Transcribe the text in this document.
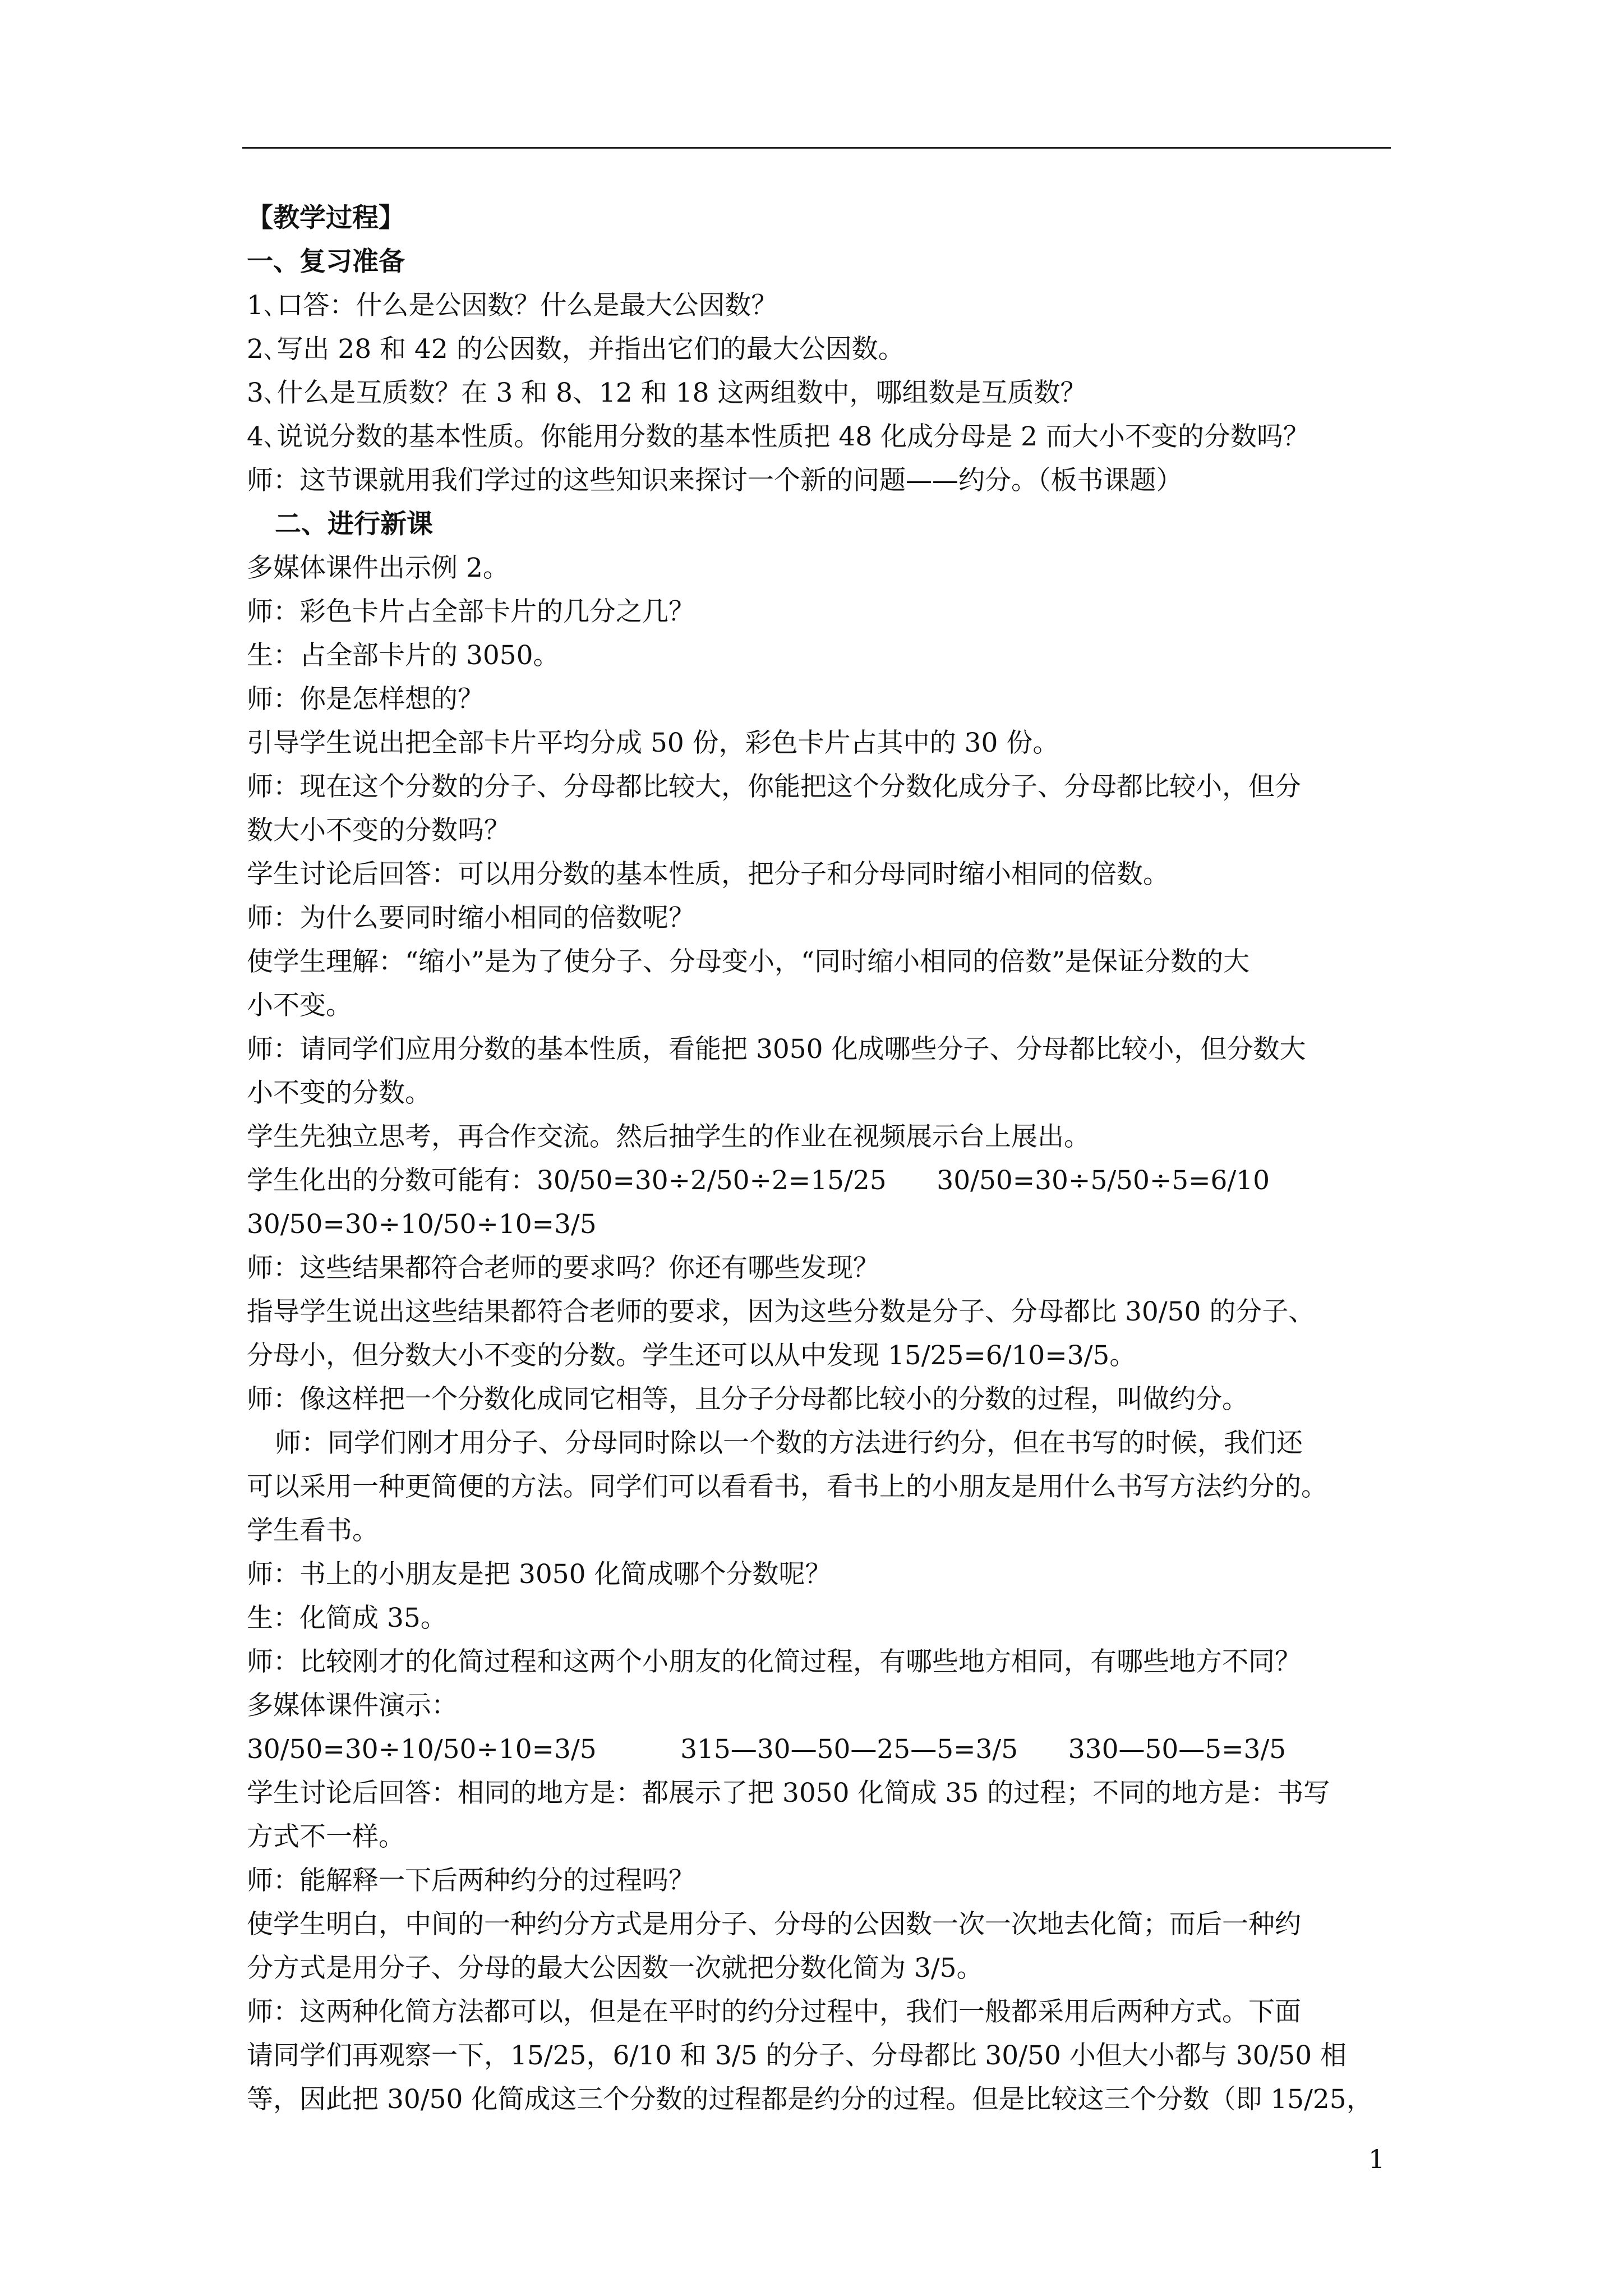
【教学过程】
一、复习准备
1､口答：什么是公因数？什么是最大公因数？
2､写出 28 和 42 的公因数，并指出它们的最大公因数。
3､什么是互质数？在 3 和 8、12 和 18 这两组数中，哪组数是互质数？
4､说说分数的基本性质。你能用分数的基本性质把 48 化成分母是 2 而大小不变的分数吗？
师：这节课就用我们学过的这些知识来探讨一个新的问题——约分。（板书课题）
二、进行新课
多媒体课件出示例 2。
师：彩色卡片占全部卡片的几分之几？
生：占全部卡片的 3050。
师：你是怎样想的？
引导学生说出把全部卡片平均分成 50 份，彩色卡片占其中的 30 份。
师：现在这个分数的分子、分母都比较大，你能把这个分数化成分子、分母都比较小，但分
数大小不变的分数吗？
学生讨论后回答：可以用分数的基本性质，把分子和分母同时缩小相同的倍数。
师：为什么要同时缩小相同的倍数呢？
使学生理解：“缩小”是为了使分子、分母变小，“同时缩小相同的倍数”是保证分数的大
小不变。
师：请同学们应用分数的基本性质，看能把 3050 化成哪些分子、分母都比较小，但分数大
小不变的分数。
学生先独立思考，再合作交流。然后抽学生的作业在视频展示台上展出。
学生化出的分数可能有：30/50=30÷2/50÷2=15/25      30/50=30÷5/50÷5=6/10
30/50=30÷10/50÷10=3/5
师：这些结果都符合老师的要求吗？你还有哪些发现？
指导学生说出这些结果都符合老师的要求，因为这些分数是分子、分母都比 30/50 的分子、
分母小，但分数大小不变的分数。学生还可以从中发现 15/25=6/10=3/5。
师：像这样把一个分数化成同它相等，且分子分母都比较小的分数的过程，叫做约分。
师：同学们刚才用分子、分母同时除以一个数的方法进行约分，但在书写的时候，我们还
可以采用一种更简便的方法。同学们可以看看书，看书上的小朋友是用什么书写方法约分的。
学生看书。
师：书上的小朋友是把 3050 化简成哪个分数呢？
生：化简成 35。
师：比较刚才的化简过程和这两个小朋友的化简过程，有哪些地方相同，有哪些地方不同？
多媒体课件演示：
30/50=30÷10/50÷10=3/5          315—30—50—25—5=3/5      330—50—5=3/5
学生讨论后回答：相同的地方是：都展示了把 3050 化简成 35 的过程；不同的地方是：书写
方式不一样。
师：能解释一下后两种约分的过程吗？
使学生明白，中间的一种约分方式是用分子、分母的公因数一次一次地去化简；而后一种约
分方式是用分子、分母的最大公因数一次就把分数化简为 3/5。
师：这两种化简方法都可以，但是在平时的约分过程中，我们一般都采用后两种方式。下面
请同学们再观察一下，15/25，6/10 和 3/5 的分子、分母都比 30/50 小但大小都与 30/50 相
等，因此把 30/50 化简成这三个分数的过程都是约分的过程。但是比较这三个分数（即 15/25，
1
